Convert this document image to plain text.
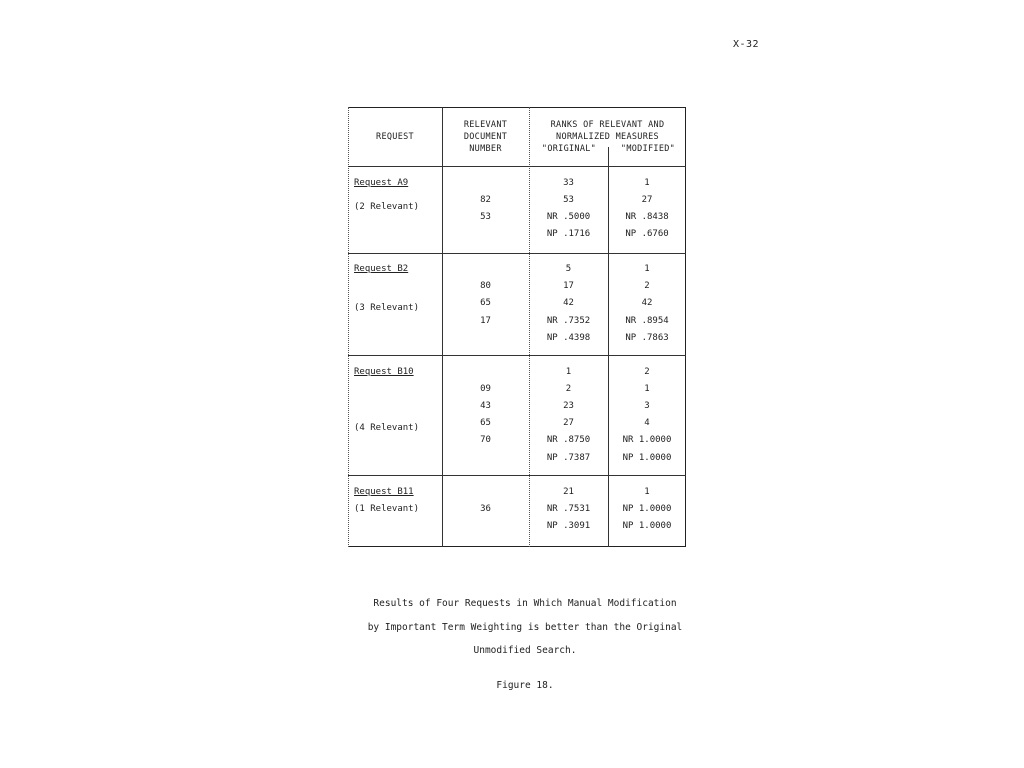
X-32
REQUEST
RELEVANT
DOCUMENT
NUMBER
RANKS OF RELEVANT AND
NORMALIZED MEASURES
"ORIGINAL"	"MODIFIED"
Request A9
(2 Relevant)
82
53
33
53
NR .5000
NP .1716
1
27
NR .8438
NP .6760
Request B2
(3 Relevant)
80
65
17
5
17
42
NR .7352
NP .4398
1
2
42
NR .8954
NP .7863
Request B10
(4 Relevant)
09
43
65
70
1
2
23
27
NR .8750
NP .7387
2
1
3
4
NR 1.0000
NP 1.0000
Request B11
(1 Relevant)	36
21
NR .7531
NP .3091
1
NP 1.0000
NP 1.0000
Results of Four Requests in Which Manual Modification
by Important Term Weighting is better than the Original
Unmodified Search.
Figure 18.
